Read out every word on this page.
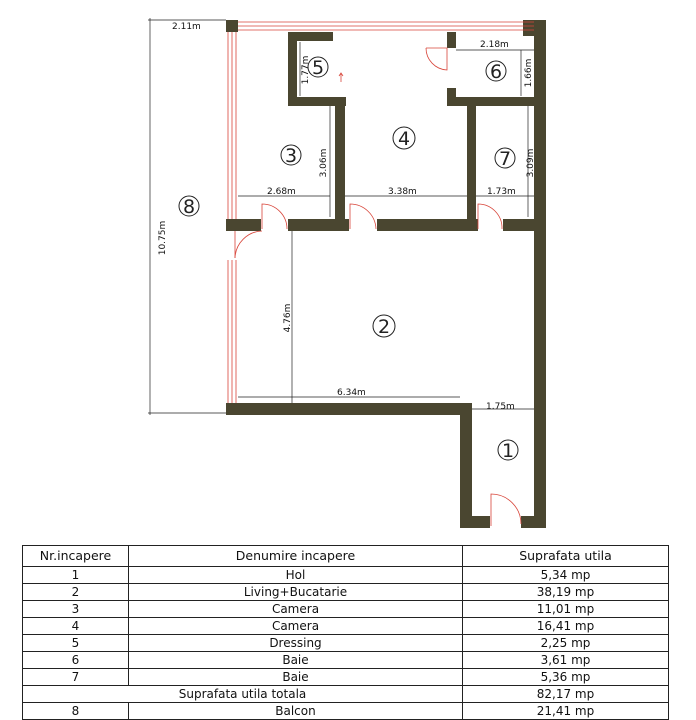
2.11m
10.75m
1.77m
2.18m
1.66m
3.06m
2.68m	3.38m	1.73m
3.09m
4.76m
6.34m
1.75m
1
2
3
4
5	6
7
8
Nr.incapere	Denumire incapere	Suprafata utila
1	Hol	5,34 mp
2	Living+Bucatarie	38,19 mp
3	Camera	11,01 mp
4	Camera	16,41 mp
5	Dressing	2,25 mp
6	Baie	3,61 mp
7	Baie	5,36 mp
Suprafata utila totala		82,17 mp
8	Balcon	21,41 mp
